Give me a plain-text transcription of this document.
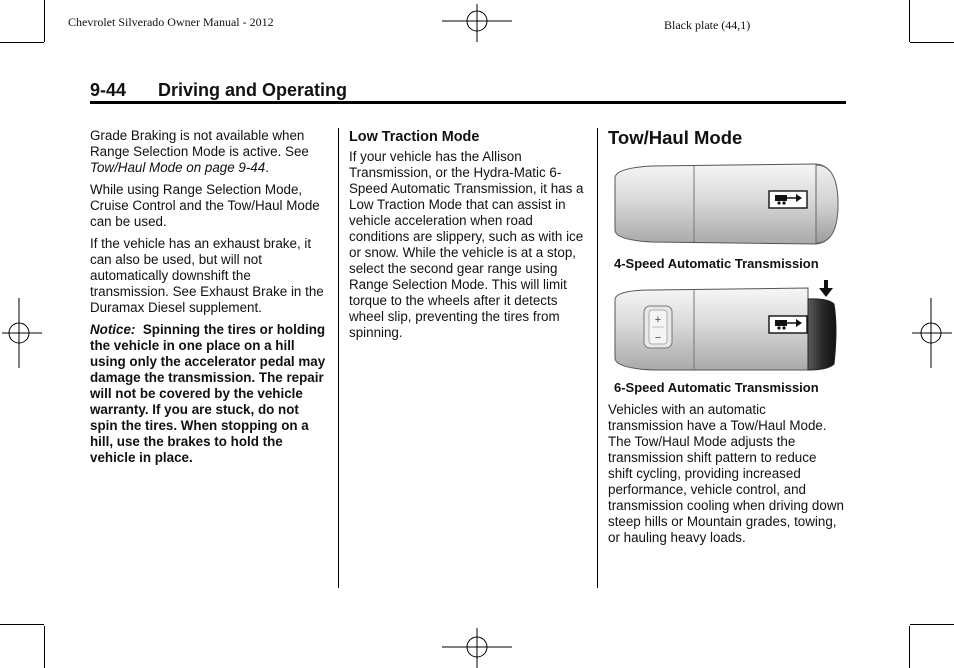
Chevrolet Silverado Owner Manual - 2012	Black plate (44,1)
9-44 Driving and Operating

Grade Braking is not available when Range Selection Mode is active. See Tow/Haul Mode on page 9-44.

While using Range Selection Mode, Cruise Control and the Tow/Haul Mode can be used.

If the vehicle has an exhaust brake, it can also be used, but will not automatically downshift the transmission. See Exhaust Brake in the Duramax Diesel supplement.

Notice: Spinning the tires or holding the vehicle in one place on a hill using only the accelerator pedal may damage the transmission. The repair will not be covered by the vehicle warranty. If you are stuck, do not spin the tires. When stopping on a hill, use the brakes to hold the vehicle in place.

Low Traction Mode

If your vehicle has the Allison Transmission, or the Hydra-Matic 6-Speed Automatic Transmission, it has a Low Traction Mode that can assist in vehicle acceleration when road conditions are slippery, such as with ice or snow. While the vehicle is at a stop, select the second gear range using Range Selection Mode. This will limit torque to the wheels after it detects wheel slip, preventing the tires from spinning.

Tow/Haul Mode
4-Speed Automatic Transmission
+
−
6-Speed Automatic Transmission

Vehicles with an automatic transmission have a Tow/Haul Mode. The Tow/Haul Mode adjusts the transmission shift pattern to reduce shift cycling, providing increased performance, vehicle control, and transmission cooling when driving down steep hills or Mountain grades, towing, or hauling heavy loads.
